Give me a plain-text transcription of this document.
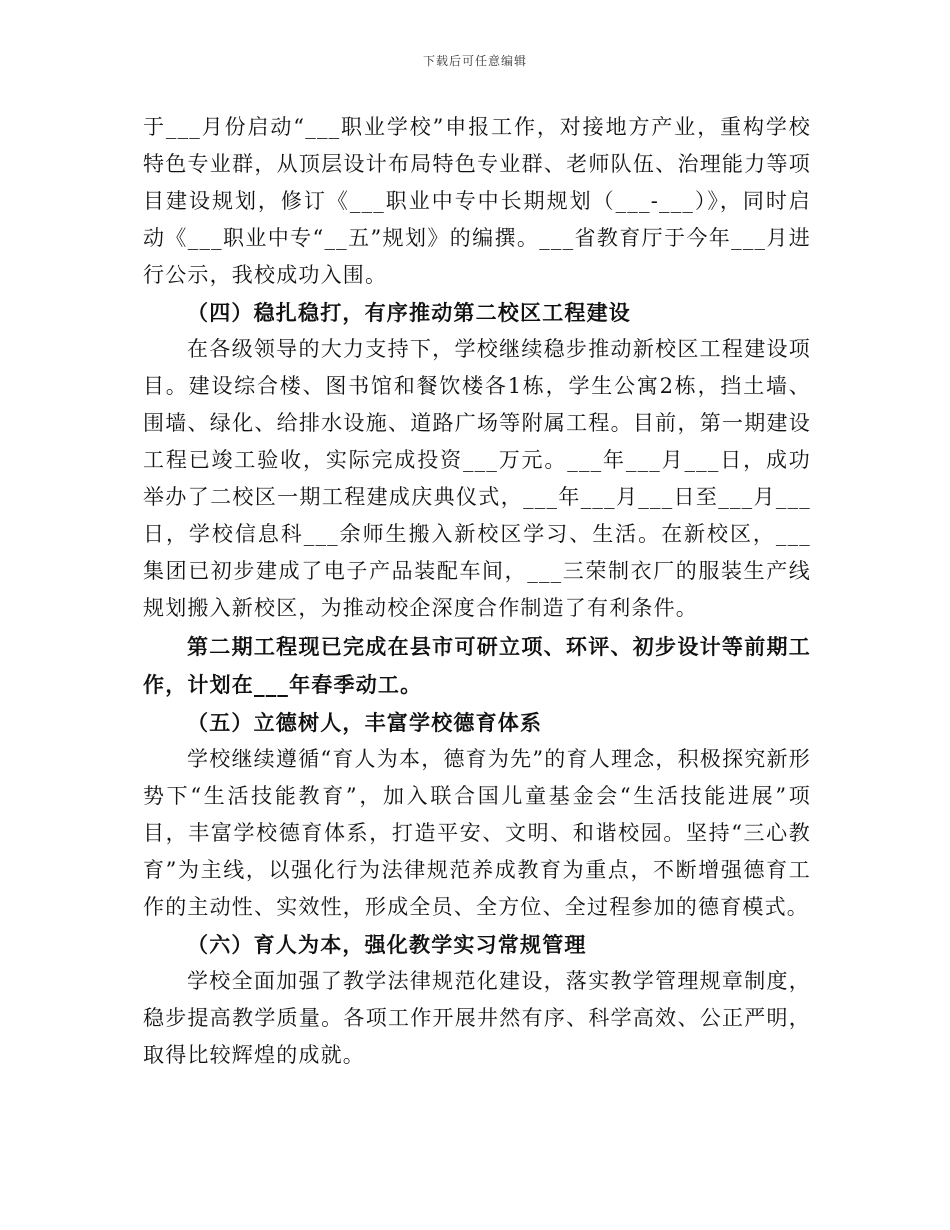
下载后可任意编辑

于___月份启动“___职业学校”申报工作，对接地方产业，重构学校特色专业群，从顶层设计布局特色专业群、老师队伍、治理能力等项目建设规划，修订《___职业中专中长期规划（___-___）》，同时启动《___职业中专“__五”规划》的编撰。___省教育厅于今年___月进行公示，我校成功入围。

（四）稳扎稳打，有序推动第二校区工程建设

在各级领导的大力支持下，学校继续稳步推动新校区工程建设项目。建设综合楼、图书馆和餐饮楼各1栋，学生公寓2栋，挡土墙、围墙、绿化、给排水设施、道路广场等附属工程。目前，第一期建设工程已竣工验收，实际完成投资___万元。___年___月___日，成功举办了二校区一期工程建成庆典仪式，___年___月___日至___月___日，学校信息科___余师生搬入新校区学习、生活。在新校区，___集团已初步建成了电子产品装配车间，___三荣制衣厂的服装生产线规划搬入新校区，为推动校企深度合作制造了有利条件。

第二期工程现已完成在县市可研立项、环评、初步设计等前期工作，计划在___年春季动工。

（五）立德树人，丰富学校德育体系

学校继续遵循“育人为本，德育为先”的育人理念，积极探究新形势下“生活技能教育”，加入联合国儿童基金会“生活技能进展”项目，丰富学校德育体系，打造平安、文明、和谐校园。坚持“三心教育”为主线，以强化行为法律规范养成教育为重点，不断增强德育工作的主动性、实效性，形成全员、全方位、全过程参加的德育模式。

（六）育人为本，强化教学实习常规管理

学校全面加强了教学法律规范化建设，落实教学管理规章制度，稳步提高教学质量。各项工作开展井然有序、科学高效、公正严明，取得比较辉煌的成就。
